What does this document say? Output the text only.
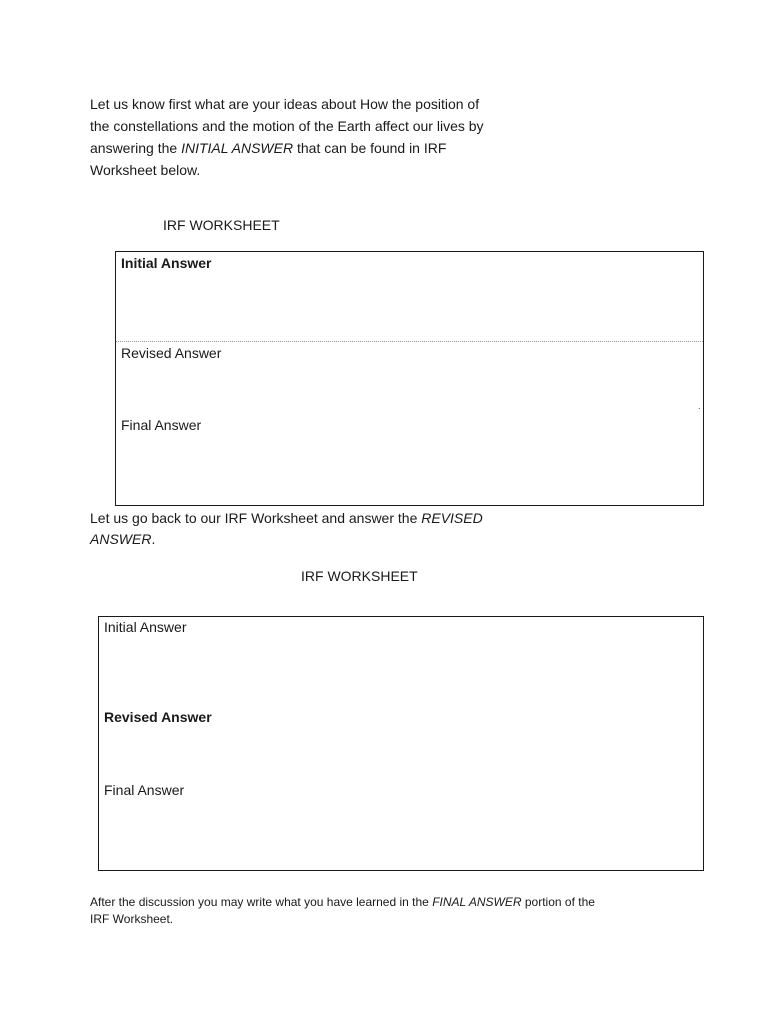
Let us know first what are your ideas about How the position of
the constellations and the motion of the Earth affect our lives by
answering the INITIAL ANSWER that can be found in IRF
Worksheet below.

IRF WORKSHEET

Initial Answer

Revised Answer

Final Answer

·

Let us go back to our IRF Worksheet and answer the REVISED
ANSWER.

IRF WORKSHEET

Initial Answer

Revised Answer

Final Answer

After the discussion you may write what you have learned in the FINAL ANSWER portion of the
IRF Worksheet.
